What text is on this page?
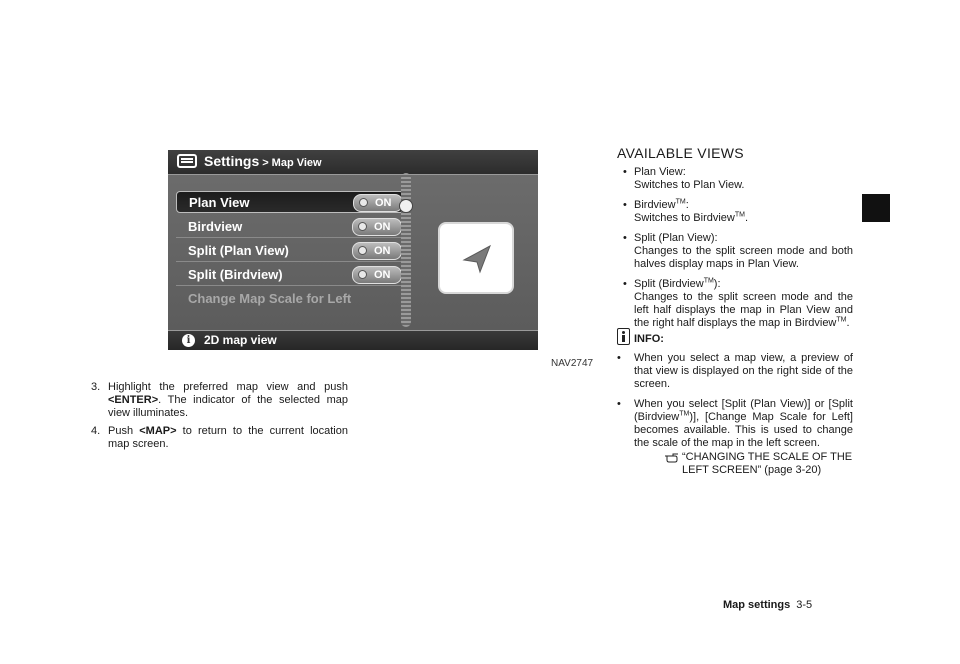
Settings > Map View
Plan View	ON
Birdview	ON
Split (Plan View)	ON
Split (Birdview)	ON
Change Map Scale for Left
i	2D map view
NAV2747
3. Highlight the preferred map view and push <ENTER>. The indicator of the selected map view illuminates.
4. Push <MAP> to return to the current location map screen.
AVAILABLE VIEWS
• Plan View:
Switches to Plan View.
• Birdview™:
Switches to Birdview™.
• Split (Plan View):
Changes to the split screen mode and both halves display maps in Plan View.
• Split (Birdview™):
Changes to the split screen mode and the left half displays the map in Plan View and the right half displays the map in Birdview™.
INFO:
• When you select a map view, a preview of that view is displayed on the right side of the screen.
• When you select [Split (Plan View)] or [Split (Birdview™)], [Change Map Scale for Left] becomes available. This is used to change the scale of the map in the left screen.
“CHANGING THE SCALE OF THE
LEFT SCREEN” (page 3-20)
Map settings 3-5
